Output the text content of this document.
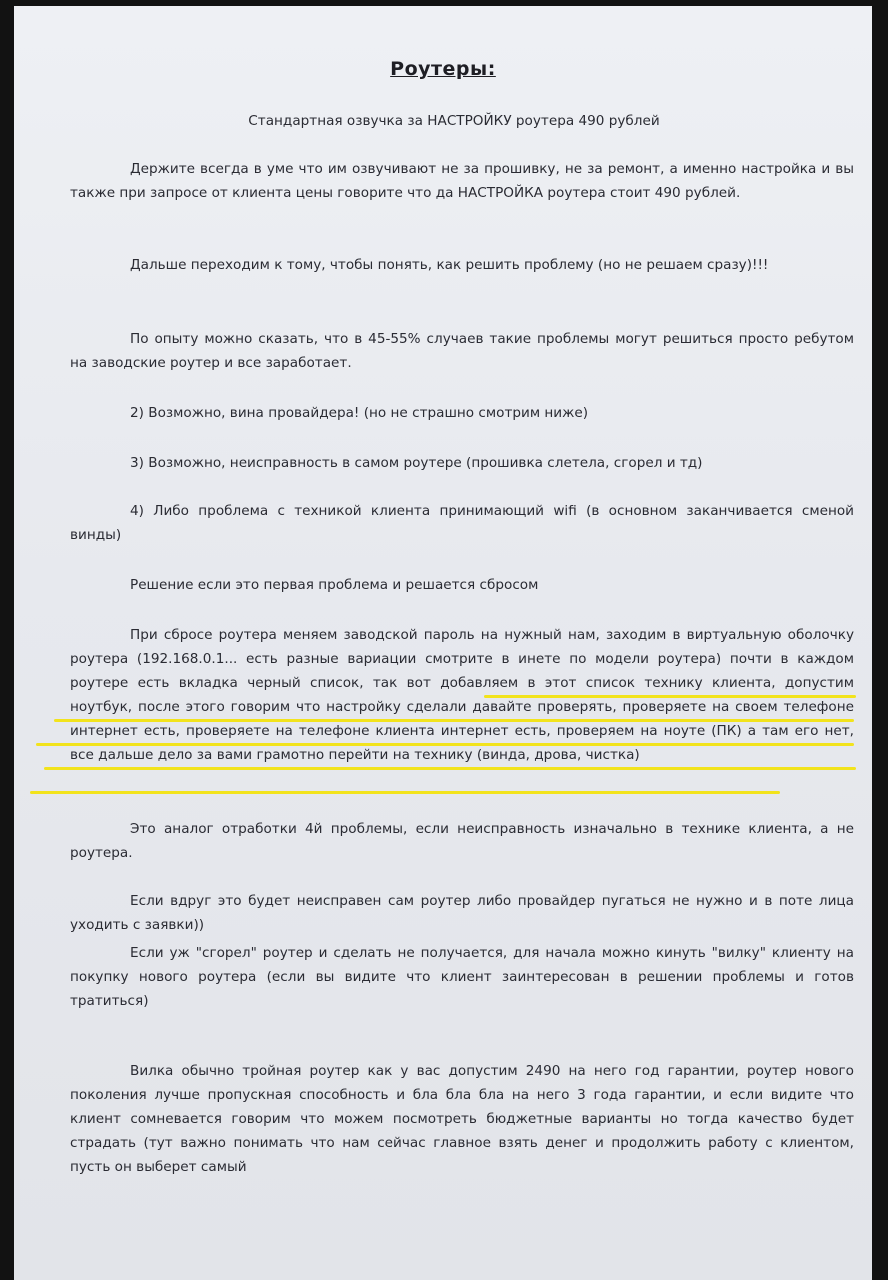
Роутеры:

Стандартная озвучка за НАСТРОЙКУ роутера 490 рублей

Держите всегда в уме что им озвучивают не за прошивку, не за ремонт, а именно настройка и вы также при запросе от клиента цены говорите что да НАСТРОЙКА роутера стоит 490 рублей.

Дальше переходим к тому, чтобы понять, как решить проблему (но не решаем сразу)!!!

По опыту можно сказать, что в 45-55% случаев такие проблемы могут решиться просто ребутом на заводские роутер и все заработает.

2) Возможно, вина провайдера! (но не страшно смотрим ниже)

3) Возможно, неисправность в самом роутере (прошивка слетела, сгорел и тд)

4) Либо проблема с техникой клиента принимающий wifi (в основном заканчивается сменой винды)

Решение если это первая проблема и решается сбросом

При сбросе роутера меняем заводской пароль на нужный нам, заходим в виртуальную оболочку роутера (192.168.0.1... есть разные вариации смотрите в инете по модели роутера) почти в каждом роутере есть вкладка черный список, так вот добавляем в этот список технику клиента, допустим ноутбук, после этого говорим что настройку сделали давайте проверять, проверяете на своем телефоне интернет есть, проверяете на телефоне клиента интернет есть, проверяем на ноуте (ПК) а там его нет, все дальше дело за вами грамотно перейти на технику (винда, дрова, чистка)

Это аналог отработки 4й проблемы, если неисправность изначально в технике клиента, а не роутера.

Если вдруг это будет неисправен сам роутер либо провайдер пугаться не нужно и в поте лица уходить с заявки))

Если уж "сгорел" роутер и сделать не получается, для начала можно кинуть "вилку" клиенту на покупку нового роутера (если вы видите что клиент заинтересован в решении проблемы и готов тратиться)

Вилка обычно тройная роутер как у вас допустим 2490 на него год гарантии, роутер нового поколения лучше пропускная способность и бла бла бла на него 3 года гарантии, и если видите что клиент сомневается говорим что можем посмотреть бюджетные варианты но тогда качество будет страдать (тут важно понимать что нам сейчас главное взять денег и продолжить работу с клиентом, пусть он выберет самый
